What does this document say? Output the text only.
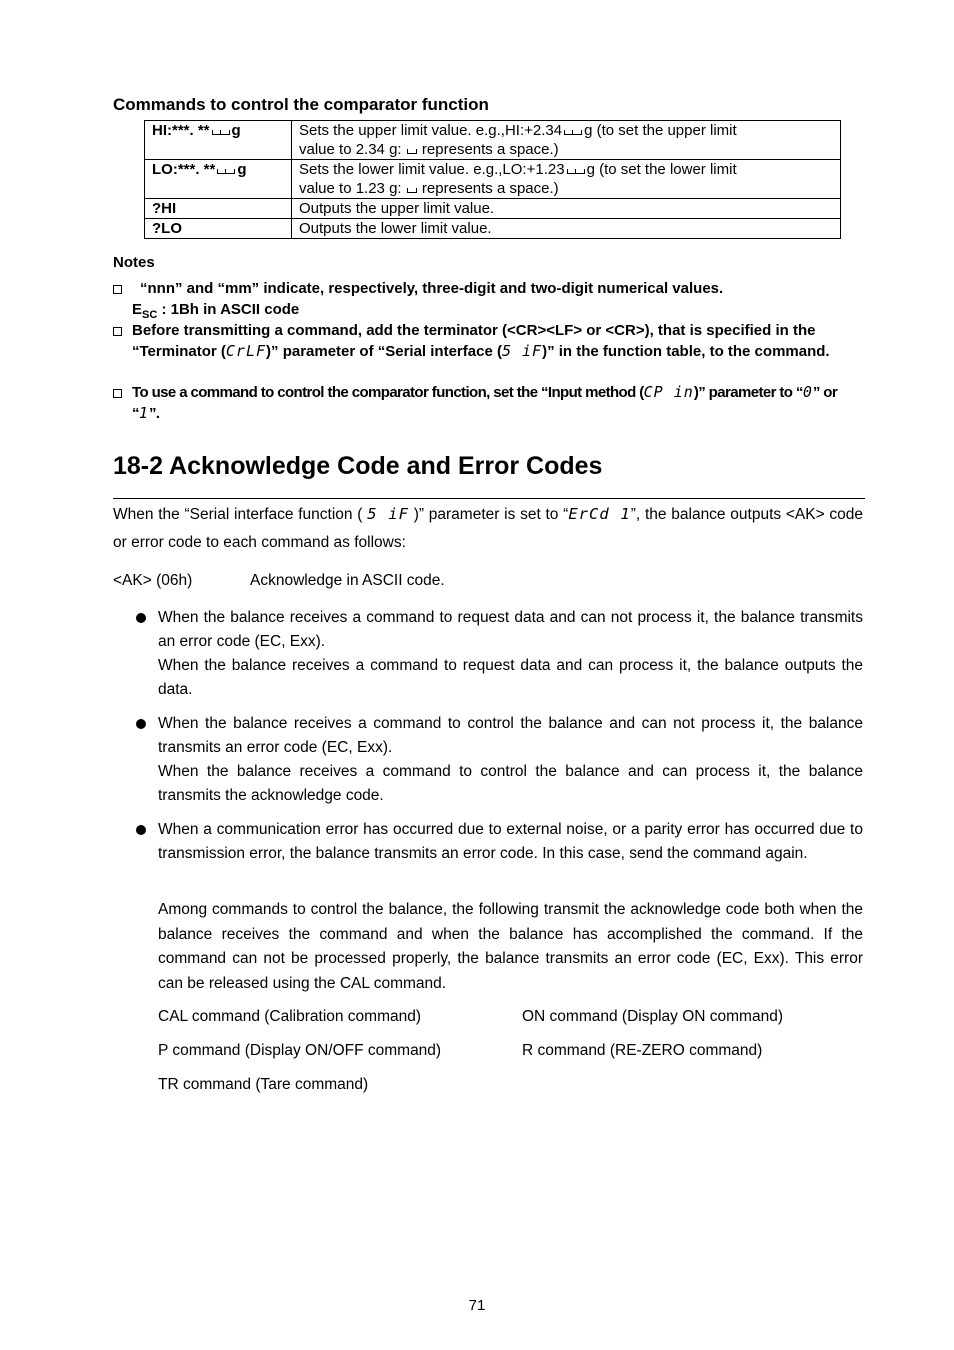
Commands to control the comparator function
HI:***. ** g	Sets the upper limit value. e.g.,HI:+2.34 g (to set the upper limit
value to 2.34 g: represents a space.)
LO:***. ** g	Sets the lower limit value. e.g.,LO:+1.23 g (to set the lower limit
value to 1.23 g: represents a space.)
?HI	Outputs the upper limit value.
?LO	Outputs the lower limit value.
Notes
“nnn” and “mm” indicate, respectively, three-digit and two-digit numerical values.
$E_{SC}$ : 1Bh in ASCII code
Before transmitting a command, add the terminator (<CR><LF> or <CR>), that is specified in the “Terminator (CrLF)” parameter of “Serial interface (5 iF)” in the function table, to the command.
To use a command to control the comparator function, set the “Input method (CP in)” parameter to “0” or “1”.
18-2 Acknowledge Code and Error Codes
When the “Serial interface function ( 5 iF )” parameter is set to “ErCd 1”, the balance outputs <AK> code or error code to each command as follows:
<AK> (06h)	Acknowledge in ASCII code.
When the balance receives a command to request data and can not process it, the balance transmits an error code (EC, Exx).
When the balance receives a command to request data and can process it, the balance outputs the data.
When the balance receives a command to control the balance and can not process it, the balance transmits an error code (EC, Exx).
When the balance receives a command to control the balance and can process it, the balance transmits the acknowledge code.
When a communication error has occurred due to external noise, or a parity error has occurred due to transmission error, the balance transmits an error code. In this case, send the command again.
Among commands to control the balance, the following transmit the acknowledge code both when the balance receives the command and when the balance has accomplished the command. If the command can not be processed properly, the balance transmits an error code (EC, Exx). This error can be released using the CAL command.
CAL command (Calibration command)	ON command (Display ON command)
P command (Display ON/OFF command)	R command (RE-ZERO command)
TR command (Tare command)
71
